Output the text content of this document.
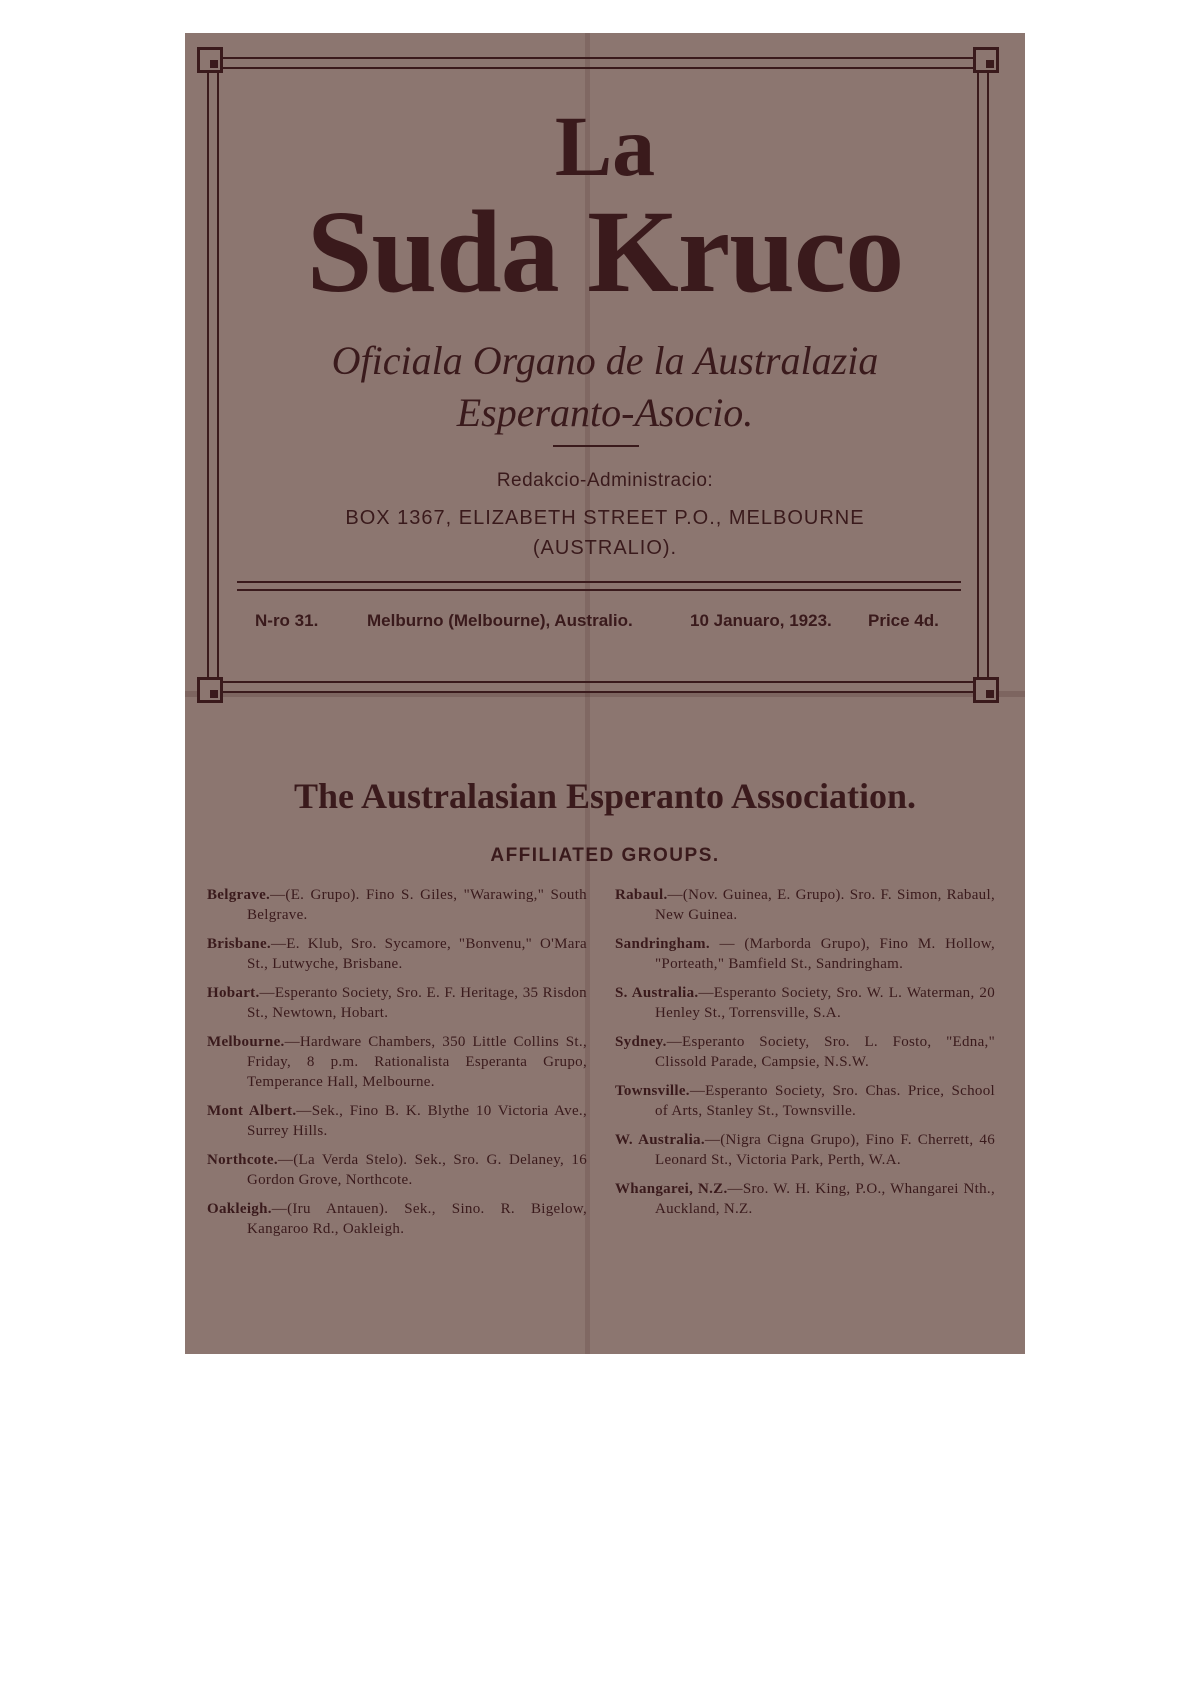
La
Suda Kruco
Oficiala Organo de la Australazia
Esperanto-Asocio.
Redakcio-Administracio:
BOX 1367, ELIZABETH STREET P.O., MELBOURNE
(AUSTRALIO).
N-ro 31.	Melburno (Melbourne), Australio.	10 Januaro, 1923. Price 4d.
The Australasian Esperanto Association.
AFFILIATED GROUPS.
Belgrave.—(E. Grupo). Fino S. Giles, "Warawing," South Belgrave.
Brisbane.—E. Klub, Sro. Sycamore, "Bonvenu," O'Mara St., Lutwyche, Brisbane.
Hobart.—Esperanto Society, Sro. E. F. Heritage, 35 Risdon St., Newtown, Hobart.
Melbourne.—Hardware Chambers, 350 Little Collins St., Friday, 8 p.m. Rationalista Esperanta Grupo, Temperance Hall, Melbourne.
Mont Albert.—Sek., Fino B. K. Blythe 10 Victoria Ave., Surrey Hills.
Northcote.—(La Verda Stelo). Sek., Sro. G. Delaney, 16 Gordon Grove, Northcote.
Oakleigh.—(Iru Antauen). Sek., Sino. R. Bigelow, Kangaroo Rd., Oakleigh.
Rabaul.—(Nov. Guinea, E. Grupo). Sro. F. Simon, Rabaul, New Guinea.
Sandringham. — (Marborda Grupo), Fino M. Hollow, "Porteath," Bamfield St., Sandringham.
S. Australia.—Esperanto Society, Sro. W. L. Waterman, 20 Henley St., Torrensville, S.A.
Sydney.—Esperanto Society, Sro. L. Fosto, "Edna," Clissold Parade, Campsie, N.S.W.
Townsville.—Esperanto Society, Sro. Chas. Price, School of Arts, Stanley St., Townsville.
W. Australia.—(Nigra Cigna Grupo), Fino F. Cherrett, 46 Leonard St., Victoria Park, Perth, W.A.
Whangarei, N.Z.—Sro. W. H. King, P.O., Whangarei Nth., Auckland, N.Z.
